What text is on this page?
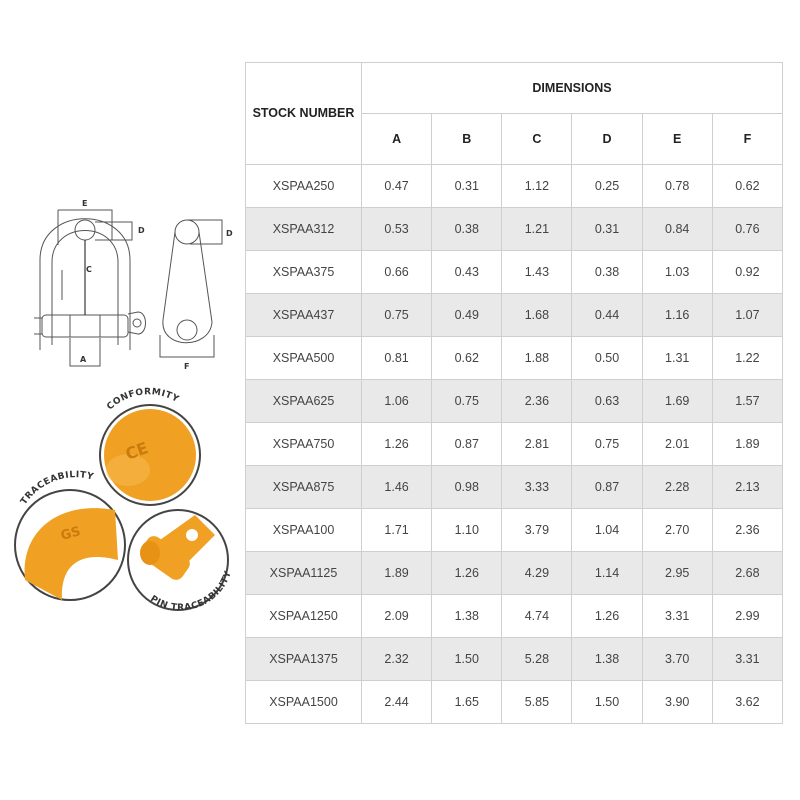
E
D
C
A
D
F
CE
CONFORMITY
GS
TRACEABILITY
PIN TRACEABILITY
STOCK NUMBER	DIMENSIONS					
	A	B	C	D	E	F
XSPAA250	0.47	0.31	1.12	0.25	0.78	0.62
XSPAA312	0.53	0.38	1.21	0.31	0.84	0.76
XSPAA375	0.66	0.43	1.43	0.38	1.03	0.92
XSPAA437	0.75	0.49	1.68	0.44	1.16	1.07
XSPAA500	0.81	0.62	1.88	0.50	1.31	1.22
XSPAA625	1.06	0.75	2.36	0.63	1.69	1.57
XSPAA750	1.26	0.87	2.81	0.75	2.01	1.89
XSPAA875	1.46	0.98	3.33	0.87	2.28	2.13
XSPAA100	1.71	1.10	3.79	1.04	2.70	2.36
XSPAA1125	1.89	1.26	4.29	1.14	2.95	2.68
XSPAA1250	2.09	1.38	4.74	1.26	3.31	2.99
XSPAA1375	2.32	1.50	5.28	1.38	3.70	3.31
XSPAA1500	2.44	1.65	5.85	1.50	3.90	3.62
